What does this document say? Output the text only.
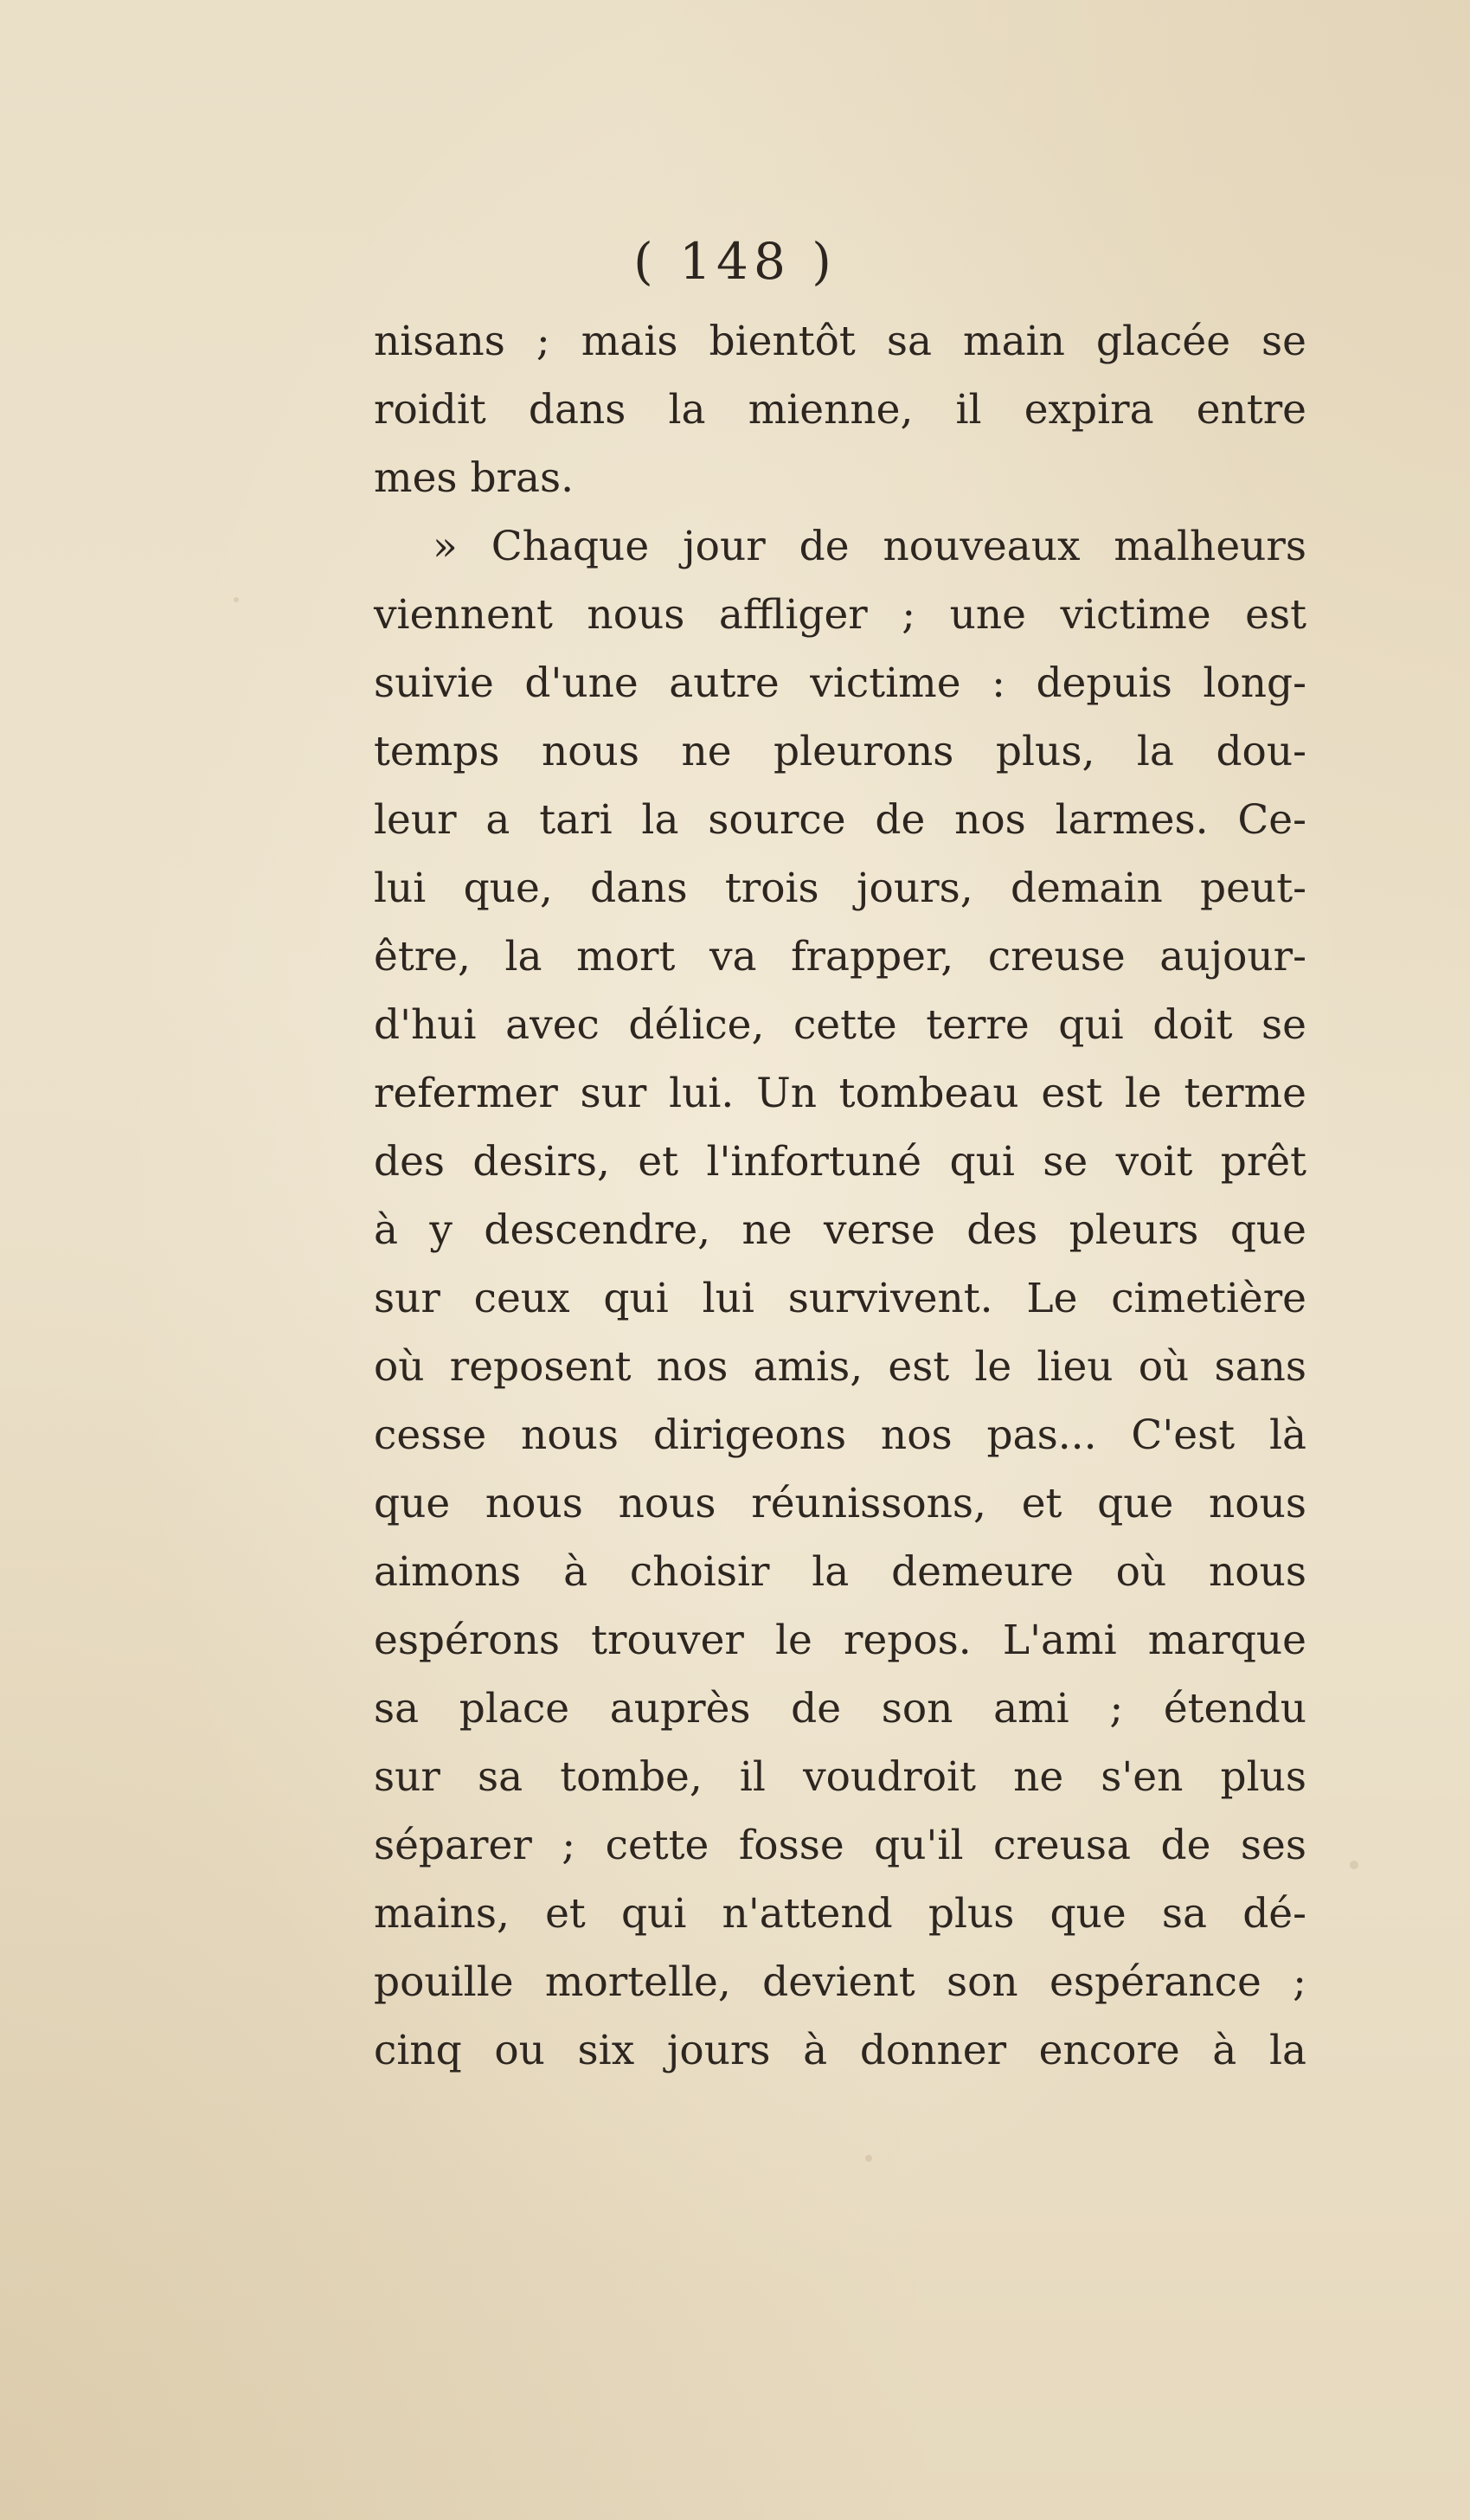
( 148 )
nisans ; mais bientôt sa main glacée se
roidit dans la mienne, il expira entre
mes bras.
» Chaque jour de nouveaux malheurs
viennent nous affliger ; une victime est
suivie d'une autre victime : depuis long-
temps nous ne pleurons plus, la dou-
leur a tari la source de nos larmes. Ce-
lui que, dans trois jours, demain peut-
être, la mort va frapper, creuse aujour-
d'hui avec délice, cette terre qui doit se
refermer sur lui. Un tombeau est le terme
des desirs, et l'infortuné qui se voit prêt
à y descendre, ne verse des pleurs que
sur ceux qui lui survivent. Le cimetière
où reposent nos amis, est le lieu où sans
cesse nous dirigeons nos pas... C'est là
que nous nous réunissons, et que nous
aimons à choisir la demeure où nous
espérons trouver le repos. L'ami marque
sa place auprès de son ami ; étendu
sur sa tombe, il voudroit ne s'en plus
séparer ; cette fosse qu'il creusa de ses
mains, et qui n'attend plus que sa dé-
pouille mortelle, devient son espérance ;
cinq ou six jours à donner encore à la
